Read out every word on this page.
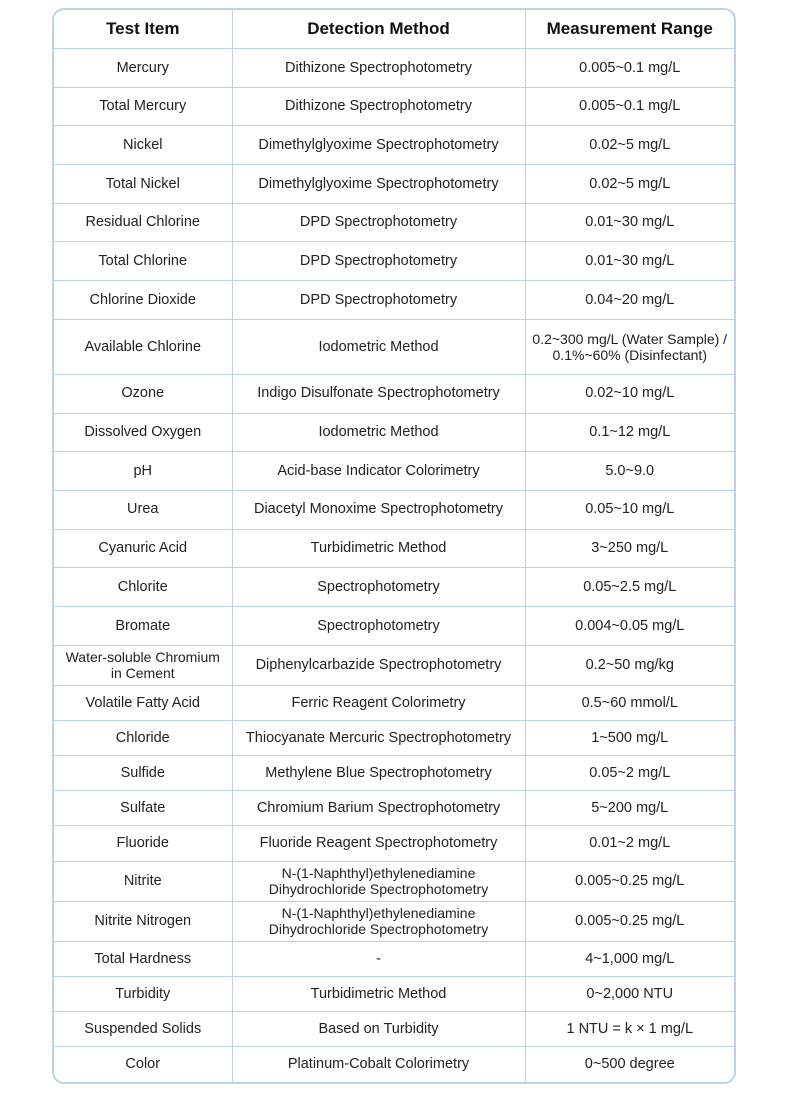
Test Item	Detection Method	Measurement Range
Mercury	Dithizone Spectrophotometry	0.005~0.1 mg/L
Total Mercury	Dithizone Spectrophotometry	0.005~0.1 mg/L
Nickel	Dimethylglyoxime Spectrophotometry	0.02~5 mg/L
Total Nickel	Dimethylglyoxime Spectrophotometry	0.02~5 mg/L
Residual Chlorine	DPD Spectrophotometry	0.01~30 mg/L
Total Chlorine	DPD Spectrophotometry	0.01~30 mg/L
Chlorine Dioxide	DPD Spectrophotometry	0.04~20 mg/L
Available Chlorine	Iodometric Method	0.2~300 mg/L (Water Sample) / 0.1%~60% (Disinfectant)
Ozone	Indigo Disulfonate Spectrophotometry	0.02~10 mg/L
Dissolved Oxygen	Iodometric Method	0.1~12 mg/L
pH	Acid-base Indicator Colorimetry	5.0~9.0
Urea	Diacetyl Monoxime Spectrophotometry	0.05~10 mg/L
Cyanuric Acid	Turbidimetric Method	3~250 mg/L
Chlorite	Spectrophotometry	0.05~2.5 mg/L
Bromate	Spectrophotometry	0.004~0.05 mg/L
Water-soluble Chromium in Cement	Diphenylcarbazide Spectrophotometry	0.2~50 mg/kg
Volatile Fatty Acid	Ferric Reagent Colorimetry	0.5~60 mmol/L
Chloride	Thiocyanate Mercuric Spectrophotometry	1~500 mg/L
Sulfide	Methylene Blue Spectrophotometry	0.05~2 mg/L
Sulfate	Chromium Barium Spectrophotometry	5~200 mg/L
Fluoride	Fluoride Reagent Spectrophotometry	0.01~2 mg/L
Nitrite	N-(1-Naphthyl)ethylenediamine Dihydrochloride Spectrophotometry	0.005~0.25 mg/L
Nitrite Nitrogen	N-(1-Naphthyl)ethylenediamine Dihydrochloride Spectrophotometry	0.005~0.25 mg/L
Total Hardness	-	4~1,000 mg/L
Turbidity	Turbidimetric Method	0~2,000 NTU
Suspended Solids	Based on Turbidity	1 NTU = k × 1 mg/L
Color	Platinum-Cobalt Colorimetry	0~500 degree
